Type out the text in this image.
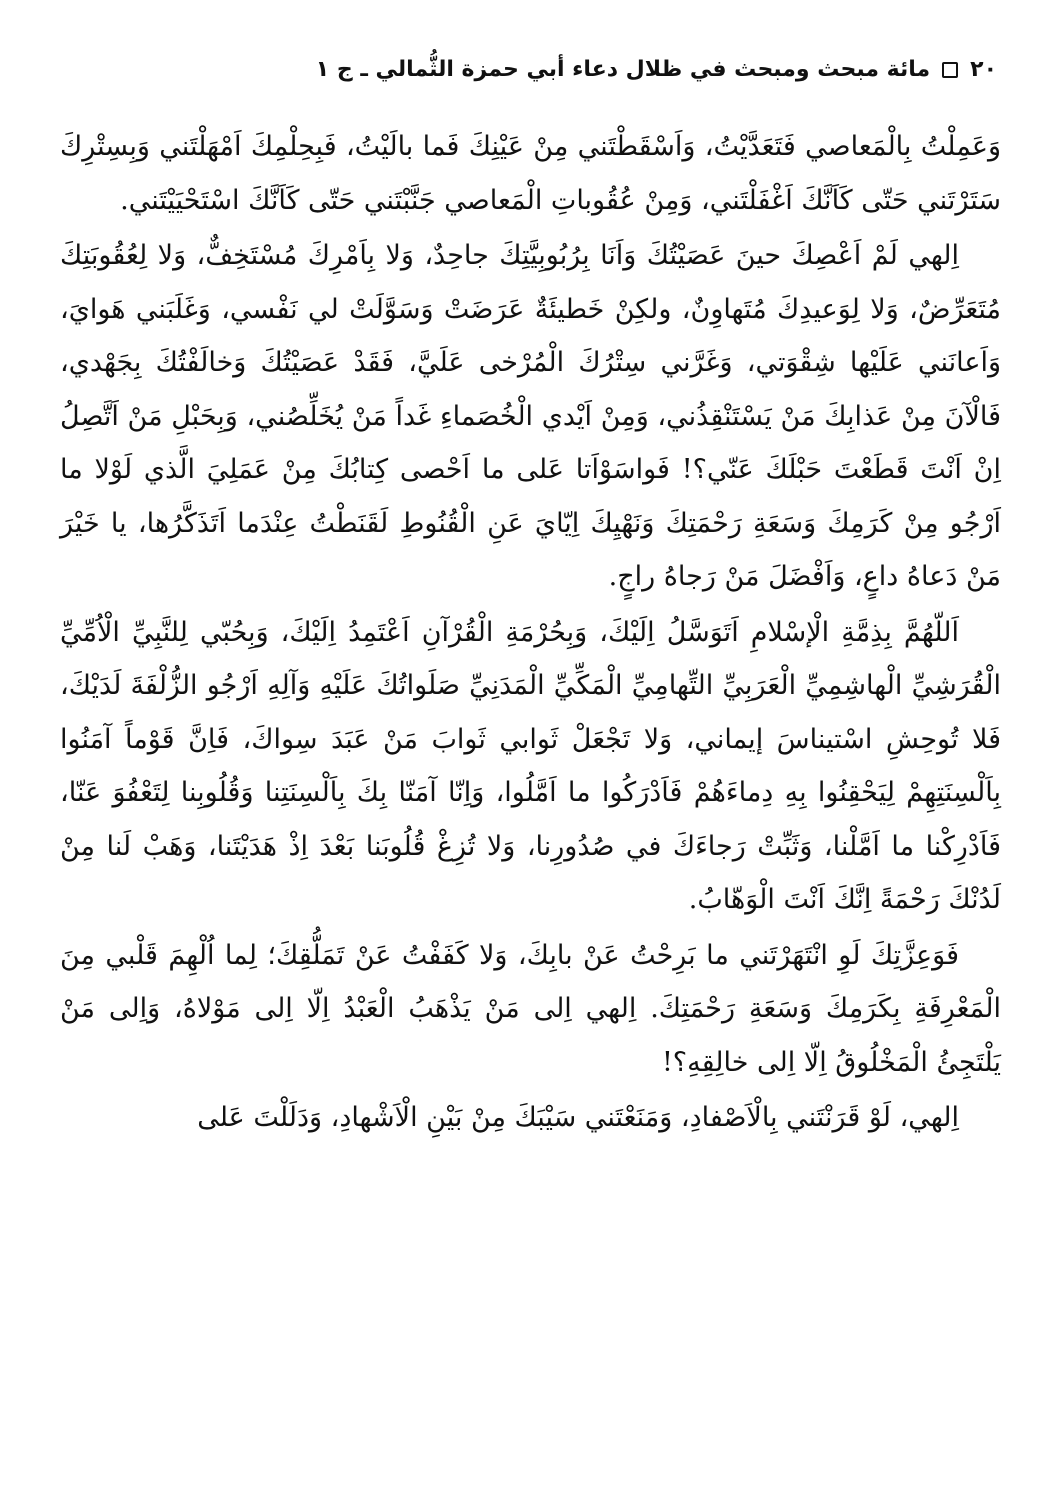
٢٠
مائة مبحث ومبحث في ظلال دعاء أبي حمزة الثُّمالي ـ ج ١

وَعَمِلْتُ بِالْمَعاصي فَتَعَدَّيْتُ، وَاَسْقَطْتَني مِنْ عَيْنِكَ فَما بالَيْتُ، فَبِحِلْمِكَ اَمْهَلْتَني وَبِسِتْرِكَ سَتَرْتَني حَتّى كَاَنَّكَ اَغْفَلْتَني، وَمِنْ عُقُوباتِ الْمَعاصي جَنَّبْتَني حَتّى كَاَنَّكَ اسْتَحْيَيْتَني.

اِلهي لَمْ اَعْصِكَ حينَ عَصَيْتُكَ وَاَنَا بِرُبُوبِيَّتِكَ جاحِدٌ، وَلا بِاَمْرِكَ مُسْتَخِفٌّ، وَلا لِعُقُوبَتِكَ مُتَعَرِّضٌ، وَلا لِوَعيدِكَ مُتَهاوِنٌ، ولكِنْ خَطيئَةٌ عَرَضَتْ وَسَوَّلَتْ لي نَفْسي، وَغَلَبَني هَوايَ، وَاَعانَني عَلَيْها شِقْوَتي، وَغَرَّني سِتْرُكَ الْمُرْخى عَلَيَّ، فَقَدْ عَصَيْتُكَ وَخالَفْتُكَ بِجَهْدي، فَالْآنَ مِنْ عَذابِكَ مَنْ يَسْتَنْقِذُني، وَمِنْ اَيْدي الْخُصَماءِ غَداً مَنْ يُخَلِّصُني، وَبِحَبْلِ مَنْ اَتَّصِلُ اِنْ اَنْتَ قَطَعْتَ حَبْلَكَ عَنّي؟! فَواسَوْاَتا عَلى ما اَحْصى كِتابُكَ مِنْ عَمَلِيَ الَّذي لَوْلا ما اَرْجُو مِنْ كَرَمِكَ وَسَعَةِ رَحْمَتِكَ وَنَهْيِكَ اِيّايَ عَنِ الْقُنُوطِ لَقَنَطْتُ عِنْدَما اَتَذَكَّرُها، يا خَيْرَ مَنْ دَعاهُ داعٍ، وَاَفْضَلَ مَنْ رَجاهُ راجٍ.

اَللّهُمَّ بِذِمَّةِ الْإسْلامِ اَتَوَسَّلُ اِلَيْكَ، وَبِحُرْمَةِ الْقُرْآنِ اَعْتَمِدُ اِلَيْكَ، وَبِحُبّي لِلنَّبِيِّ الْاُمِّيِّ الْقُرَشِيِّ الْهاشِمِيِّ الْعَرَبِيِّ التِّهامِيِّ الْمَكِّيِّ الْمَدَنِيِّ صَلَواتُكَ عَلَيْهِ وَآلِهِ اَرْجُو الزُّلْفَةَ لَدَيْكَ، فَلا تُوحِشِ اسْتيناسَ إيماني، وَلا تَجْعَلْ ثَوابي ثَوابَ مَنْ عَبَدَ سِواكَ، فَاِنَّ قَوْماً آمَنُوا بِاَلْسِنَتِهِمْ لِيَحْقِنُوا بِهِ دِماءَهُمْ فَاَدْرَكُوا ما اَمَّلُوا، وَاِنّا آمَنّا بِكَ بِاَلْسِنَتِنا وَقُلُوبِنا لِتَعْفُوَ عَنّا، فَاَدْرِكْنا ما اَمَّلْنا، وَثَبِّتْ رَجاءَكَ في صُدُورِنا، وَلا تُزِغْ قُلُوبَنا بَعْدَ اِذْ هَدَيْتَنا، وَهَبْ لَنا مِنْ لَدُنْكَ رَحْمَةً اِنَّكَ اَنْتَ الْوَهّابُ.

فَوَعِزَّتِكَ لَوِ انْتَهَرْتَني ما بَرِحْتُ عَنْ بابِكَ، وَلا كَفَفْتُ عَنْ تَمَلُّقِكَ؛ لِما اُلْهِمَ قَلْبي مِنَ الْمَعْرِفَةِ بِكَرَمِكَ وَسَعَةِ رَحْمَتِكَ. اِلهي اِلى مَنْ يَذْهَبُ الْعَبْدُ اِلّا اِلى مَوْلاهُ، وَاِلى مَنْ يَلْتَجِئُ الْمَخْلُوقُ اِلّا اِلى خالِقِهِ؟!

اِلهي، لَوْ قَرَنْتَني بِالْاَصْفادِ، وَمَنَعْتَني سَيْبَكَ مِنْ بَيْنِ الْاَشْهادِ، وَدَلَلْتَ عَلى
